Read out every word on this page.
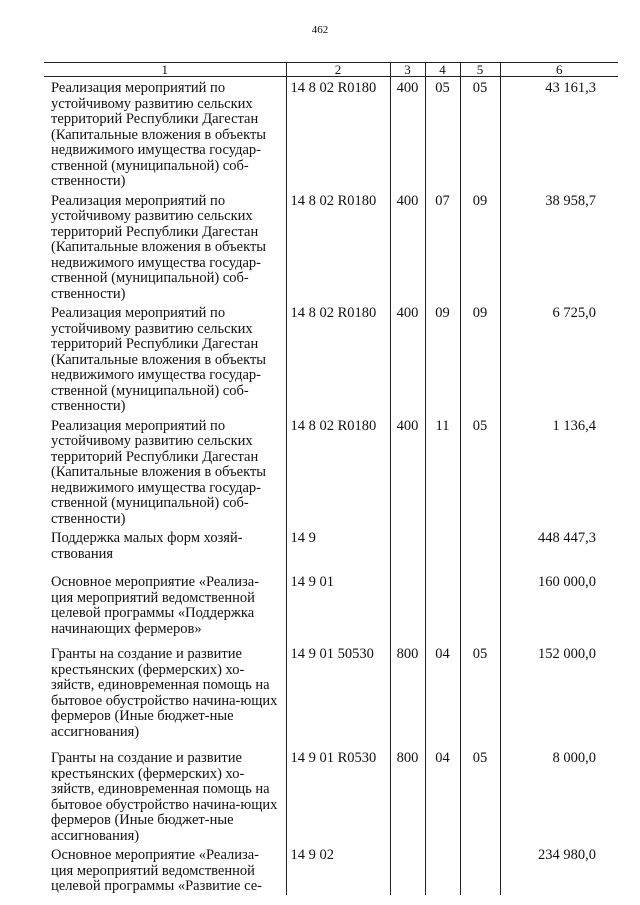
462
1	2	3	4	5	6
Реализация мероприятий по устойчивому развитию сельских территорий Республики Дагестан (Капитальные вложения в объекты недвижимого имущества государ-ственной (муниципальной) соб-ственности)	14 8 02 R0180	400	05	05	43 161,3
Реализация мероприятий по устойчивому развитию сельских территорий Республики Дагестан (Капитальные вложения в объекты недвижимого имущества государ-ственной (муниципальной) соб-ственности)	14 8 02 R0180	400	07	09	38 958,7
Реализация мероприятий по устойчивому развитию сельских территорий Республики Дагестан (Капитальные вложения в объекты недвижимого имущества государ-ственной (муниципальной) соб-ственности)	14 8 02 R0180	400	09	09	6 725,0
Реализация мероприятий по устойчивому развитию сельских территорий Республики Дагестан (Капитальные вложения в объекты недвижимого имущества государ-ственной (муниципальной) соб-ственности)	14 8 02 R0180	400	11	05	1 136,4
Поддержка малых форм хозяй-ствования	14 9				448 447,3
Основное мероприятие «Реализа-ция мероприятий ведомственной целевой программы «Поддержка начинающих фермеров»	14 9 01				160 000,0
Гранты на создание и развитие крестьянских (фермерских) хо-зяйств, единовременная помощь на бытовое обустройство начина-ющих фермеров (Иные бюджет-ные ассигнования)	14 9 01 50530	800	04	05	152 000,0
Гранты на создание и развитие крестьянских (фермерских) хо-зяйств, единовременная помощь на бытовое обустройство начина-ющих фермеров (Иные бюджет-ные ассигнования)	14 9 01 R0530	800	04	05	8 000,0
Основное мероприятие «Реализа-ция мероприятий ведомственной целевой программы «Развитие се-	14 9 02				234 980,0
